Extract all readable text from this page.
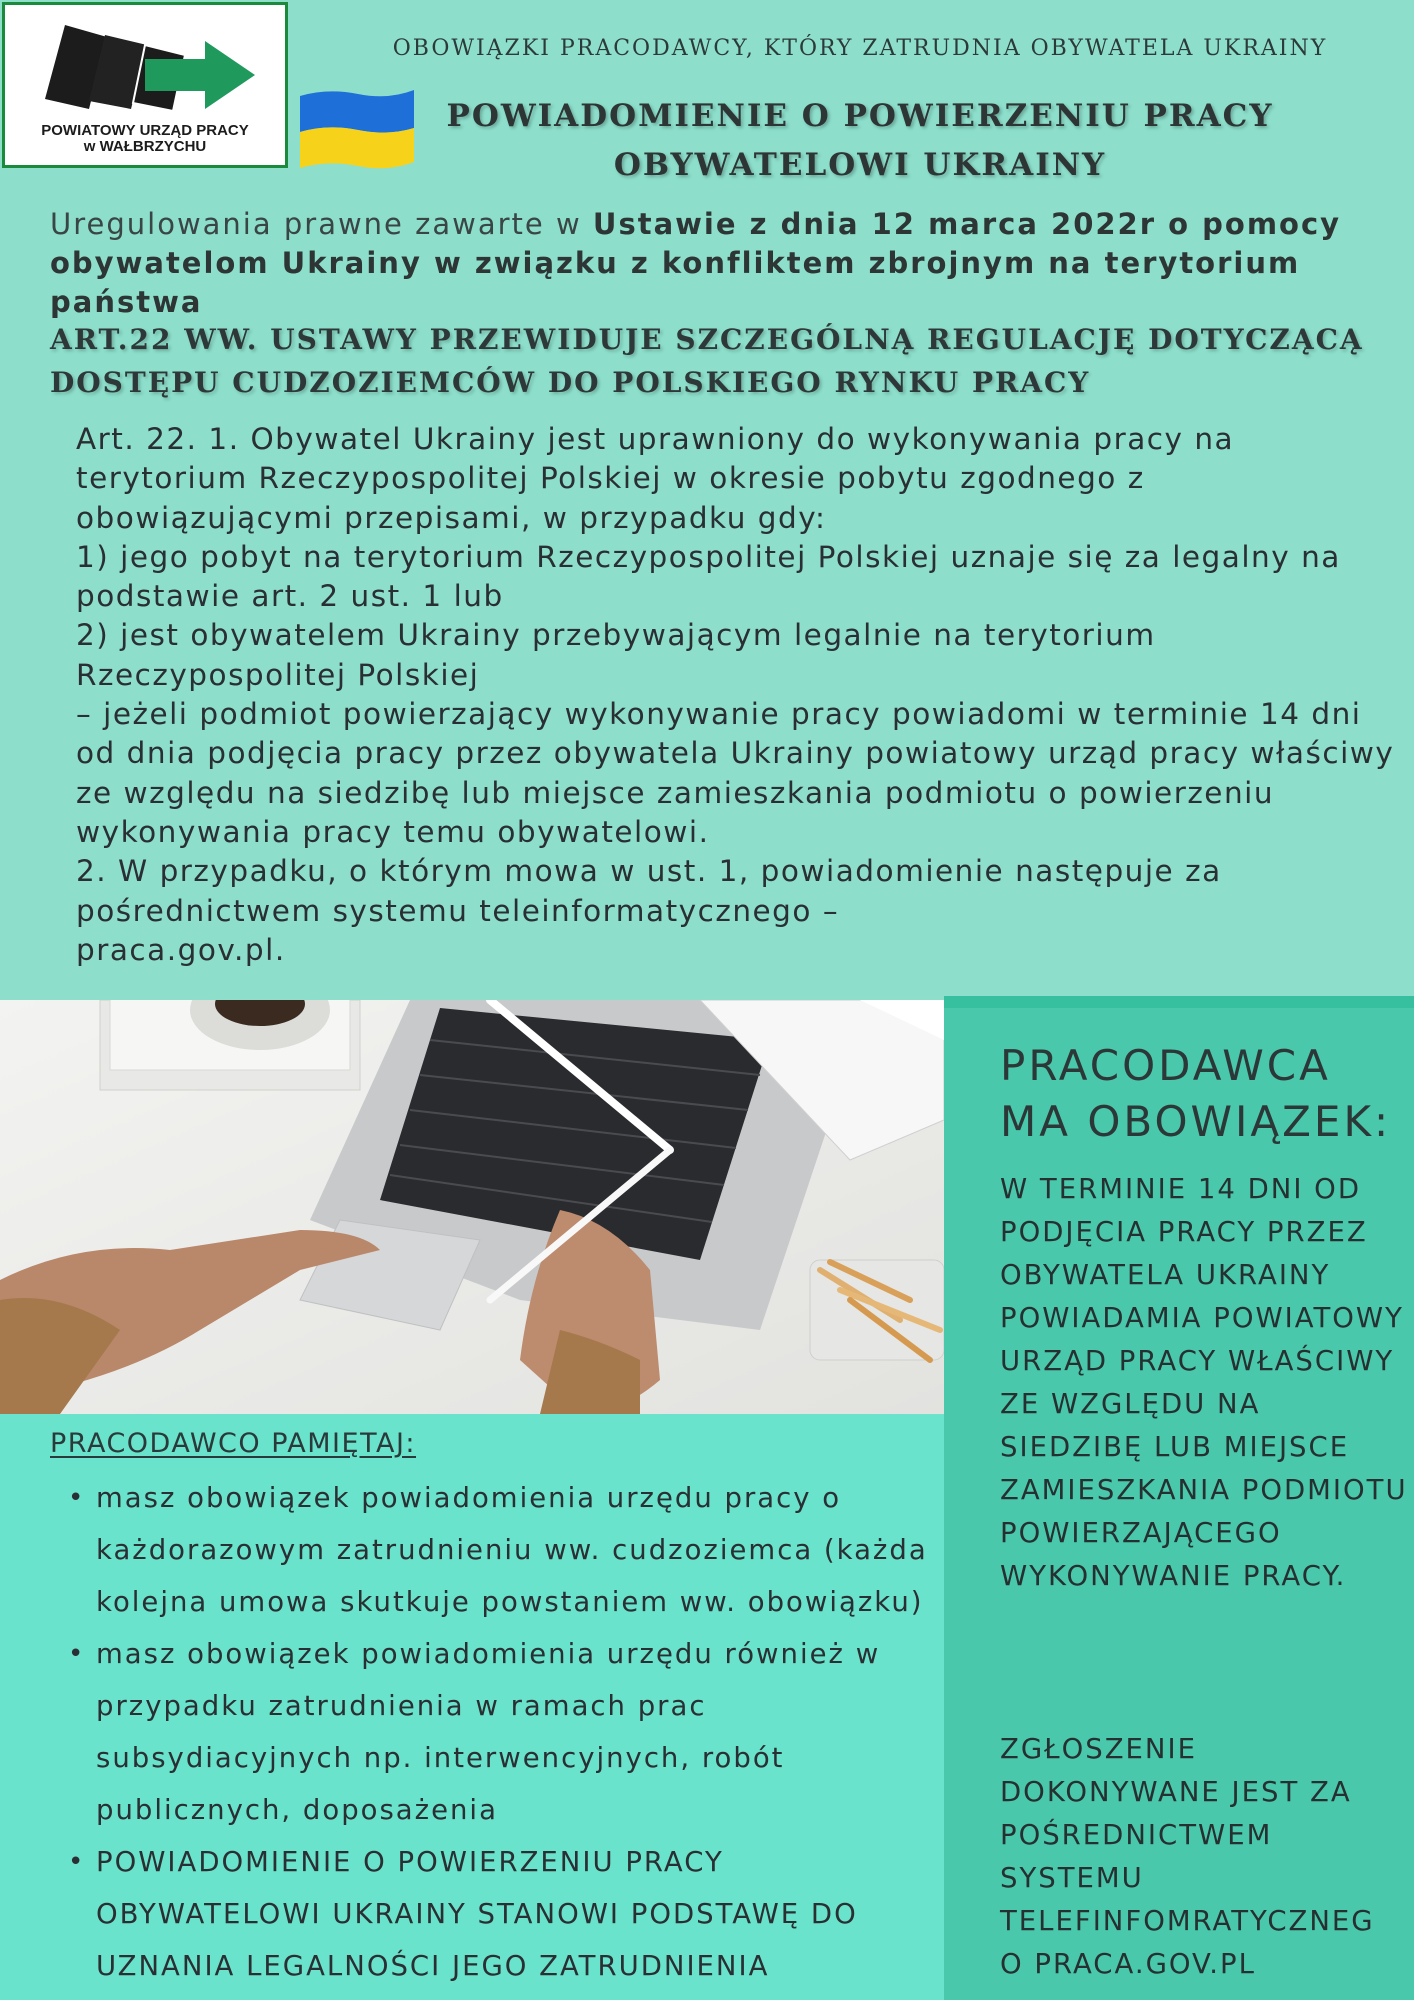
POWIATOWY URZĄD PRACY
w WAŁBRZYCHU
OBOWIĄZKI PRACODAWCY, KTÓRY ZATRUDNIA OBYWATELA UKRAINY
POWIADOMIENIE O POWIERZENIU PRACY
OBYWATELOWI UKRAINY
Uregulowania prawne zawarte w Ustawie z dnia 12 marca 2022r o pomocy obywatelom Ukrainy w związku z konfliktem zbrojnym na terytorium państwa
ART.22 WW. USTAWY PRZEWIDUJE SZCZEGÓLNĄ REGULACJĘ DOTYCZĄCĄ
DOSTĘPU CUDZOZIEMCÓW DO POLSKIEGO RYNKU PRACY

Art. 22. 1. Obywatel Ukrainy jest uprawniony do wykonywania pracy na terytorium Rzeczypospolitej Polskiej w okresie pobytu zgodnego z obowiązującymi przepisami, w przypadku gdy:

1) jego pobyt na terytorium Rzeczypospolitej Polskiej uznaje się za legalny na podstawie art. 2 ust. 1 lub

2) jest obywatelem Ukrainy przebywającym legalnie na terytorium Rzeczypospolitej Polskiej

– jeżeli podmiot powierzający wykonywanie pracy powiadomi w terminie 14 dni od dnia podjęcia pracy przez obywatela Ukrainy powiatowy urząd pracy właściwy ze względu na siedzibę lub miejsce zamieszkania podmiotu o powierzeniu wykonywania pracy temu obywatelowi.

2. W przypadku, o którym mowa w ust. 1, powiadomienie następuje za pośrednictwem systemu teleinformatycznego –

praca.gov.pl.

PRACODAWCA
MA OBOWIĄZEK:
W TERMINIE 14 DNI OD PODJĘCIA PRACY PRZEZ OBYWATELA UKRAINY POWIADAMIA POWIATOWY URZĄD PRACY WŁAŚCIWY ZE WZGLĘDU NA SIEDZIBĘ LUB MIEJSCE ZAMIESZKANIA PODMIOTU POWIERZAJĄCEGO WYKONYWANIE PRACY.
ZGŁOSZENIE
DOKONYWANE JEST ZA
POŚREDNICTWEM
SYSTEMU
TELEFINFOMRATYCZNEG
O PRACA.GOV.PL
PRACODAWCO PAMIĘTAJ:
• masz obowiązek powiadomienia urzędu pracy o każdorazowym zatrudnieniu ww. cudzoziemca (każda kolejna umowa skutkuje powstaniem ww. obowiązku)
• masz obowiązek powiadomienia urzędu również w przypadku zatrudnienia w ramach prac subsydiacyjnych np. interwencyjnych, robót publicznych, doposażenia
• POWIADOMIENIE O POWIERZENIU PRACY OBYWATELOWI UKRAINY STANOWI PODSTAWĘ DO UZNANIA LEGALNOŚCI JEGO ZATRUDNIENIA
